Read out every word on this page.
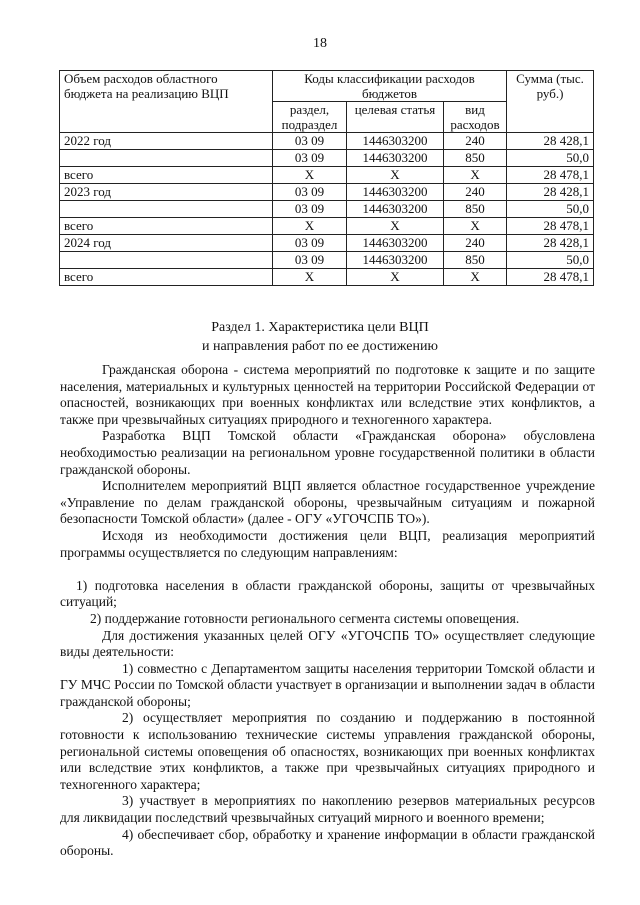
18
Объем расходов областного бюджета на реализацию ВЦП	Коды классификации расходов бюджетов			Сумма (тыс. руб.)
	раздел, подраздел	целевая статья	вид расходов	
2022 год	03 09	1446303200	240	28 428,1
	03 09	1446303200	850	50,0
всего	X	X	X	28 478,1
2023 год	03 09	1446303200	240	28 428,1
	03 09	1446303200	850	50,0
всего	X	X	X	28 478,1
2024 год	03 09	1446303200	240	28 428,1
	03 09	1446303200	850	50,0
всего	X	X	X	28 478,1
Раздел 1. Характеристика цели ВЦП
и направления работ по ее достижению

Гражданская оборона - система мероприятий по подготовке к защите и по защите населения, материальных и культурных ценностей на территории Российской Федерации от опасностей, возникающих при военных конфликтах или вследствие этих конфликтов, а также при чрезвычайных ситуациях природного и техногенного характера.

Разработка ВЦП Томской области «Гражданская оборона» обусловлена необходимостью реализации на региональном уровне государственной политики в области гражданской обороны.

Исполнителем мероприятий ВЦП является областное государственное учреждение «Управление по делам гражданской обороны, чрезвычайным ситуациям и пожарной безопасности Томской области» (далее - ОГУ «УГОЧСПБ ТО»).

Исходя из необходимости достижения цели ВЦП, реализация мероприятий программы осуществляется по следующим направлениям:

1) подготовка населения в области гражданской обороны, защиты от чрезвычайных ситуаций;

2) поддержание готовности регионального сегмента системы оповещения.

Для достижения указанных целей ОГУ «УГОЧСПБ ТО» осуществляет следующие виды деятельности:

1) совместно с Департаментом защиты населения территории Томской области и ГУ МЧС России по Томской области участвует в организации и выполнении задач в области гражданской обороны;

2) осуществляет мероприятия по созданию и поддержанию в постоянной готовности к использованию технические системы управления гражданской обороны, региональной системы оповещения об опасностях, возникающих при военных конфликтах или вследствие этих конфликтов, а также при чрезвычайных ситуациях природного и техногенного характера;

3) участвует в мероприятиях по накоплению резервов материальных ресурсов для ликвидации последствий чрезвычайных ситуаций мирного и военного времени;

4) обеспечивает сбор, обработку и хранение информации в области гражданской обороны.
